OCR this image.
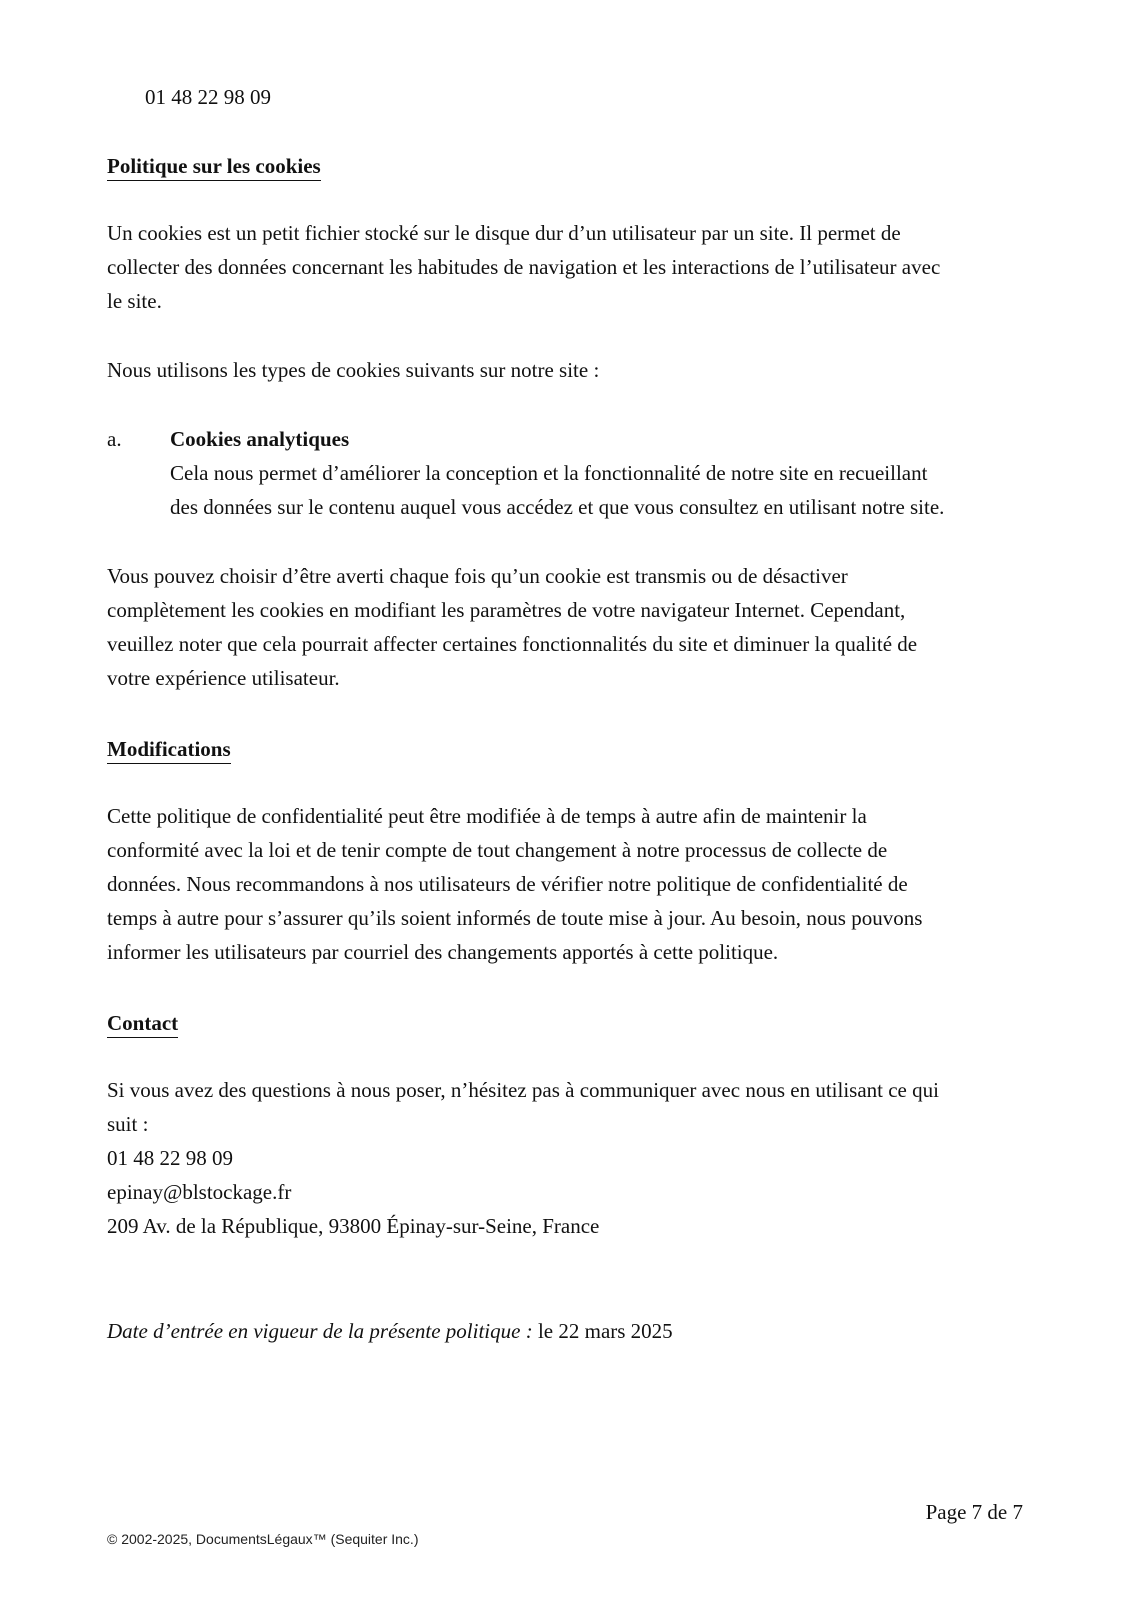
01 48 22 98 09
Politique sur les cookies
Un cookies est un petit fichier stocké sur le disque dur d’un utilisateur par un site. Il permet de
collecter des données concernant les habitudes de navigation et les interactions de l’utilisateur avec
le site.
Nous utilisons les types de cookies suivants sur notre site :
a. Cookies analytiques
Cela nous permet d’améliorer la conception et la fonctionnalité de notre site en recueillant
des données sur le contenu auquel vous accédez et que vous consultez en utilisant notre site.
Vous pouvez choisir d’être averti chaque fois qu’un cookie est transmis ou de désactiver
complètement les cookies en modifiant les paramètres de votre navigateur Internet. Cependant,
veuillez noter que cela pourrait affecter certaines fonctionnalités du site et diminuer la qualité de
votre expérience utilisateur.
Modifications
Cette politique de confidentialité peut être modifiée à de temps à autre afin de maintenir la
conformité avec la loi et de tenir compte de tout changement à notre processus de collecte de
données. Nous recommandons à nos utilisateurs de vérifier notre politique de confidentialité de
temps à autre pour s’assurer qu’ils soient informés de toute mise à jour. Au besoin, nous pouvons
informer les utilisateurs par courriel des changements apportés à cette politique.
Contact
Si vous avez des questions à nous poser, n’hésitez pas à communiquer avec nous en utilisant ce qui
suit :
01 48 22 98 09
epinay@blstockage.fr
209 Av. de la République, 93800 Épinay-sur-Seine, France
Date d’entrée en vigueur de la présente politique : le 22 mars 2025
Page 7 de 7
© 2002-2025, DocumentsLégaux™ (Sequiter Inc.)
